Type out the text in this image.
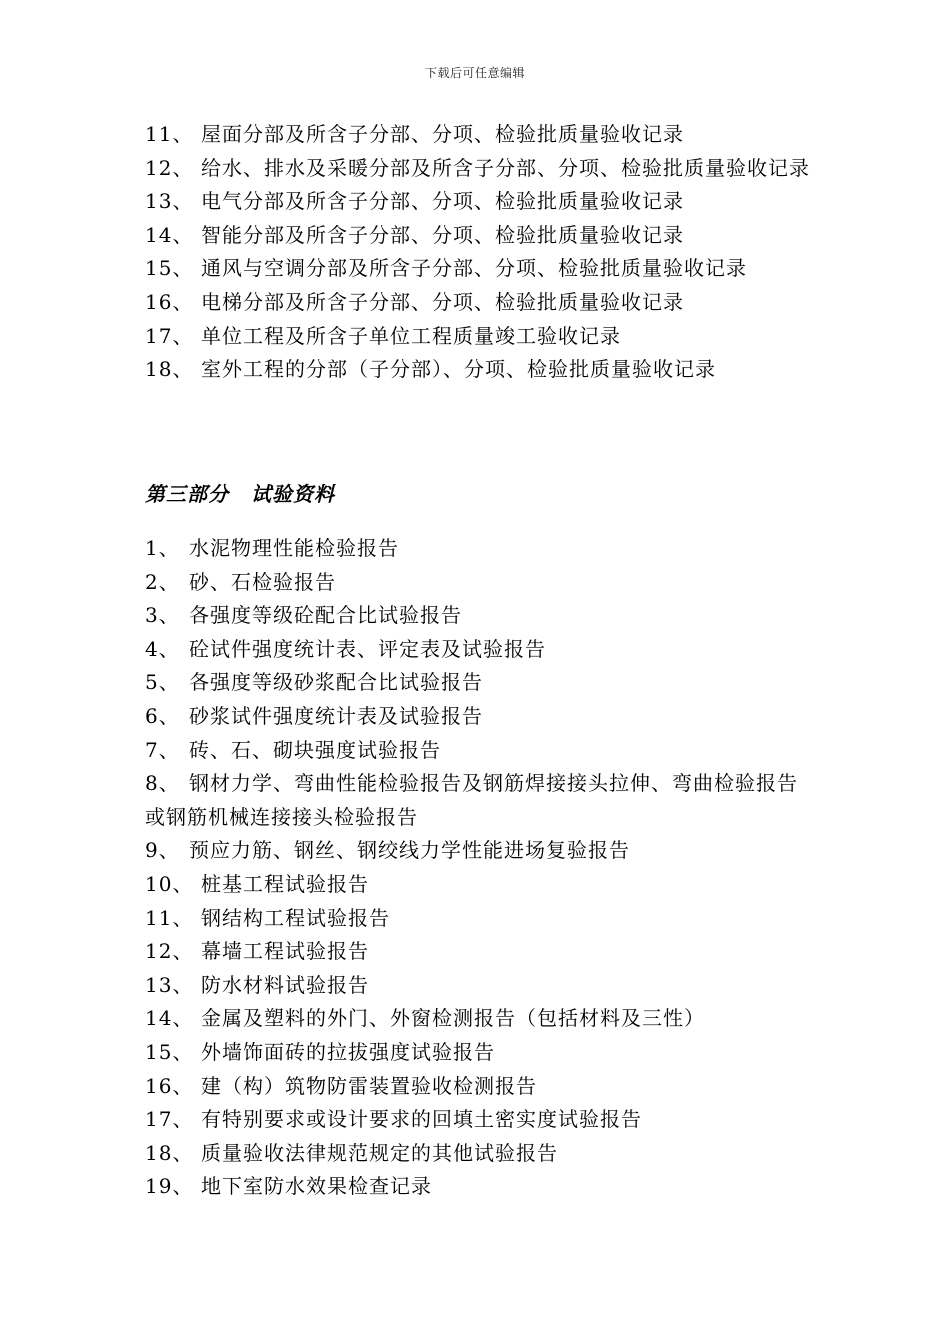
下载后可任意编辑
11、 屋面分部及所含子分部、分项、检验批质量验收记录
12、 给水、排水及采暖分部及所含子分部、分项、检验批质量验收记录
13、 电气分部及所含子分部、分项、检验批质量验收记录
14、 智能分部及所含子分部、分项、检验批质量验收记录
15、 通风与空调分部及所含子分部、分项、检验批质量验收记录
16、 电梯分部及所含子分部、分项、检验批质量验收记录
17、 单位工程及所含子单位工程质量竣工验收记录
18、 室外工程的分部（子分部）、分项、检验批质量验收记录
第三部分 试验资料
1、 水泥物理性能检验报告
2、 砂、石检验报告
3、 各强度等级砼配合比试验报告
4、 砼试件强度统计表、评定表及试验报告
5、 各强度等级砂浆配合比试验报告
6、 砂浆试件强度统计表及试验报告
7、 砖、石、砌块强度试验报告
8、 钢材力学、弯曲性能检验报告及钢筋焊接接头拉伸、弯曲检验报告或钢筋机械连接接头检验报告
9、 预应力筋、钢丝、钢绞线力学性能进场复验报告
10、 桩基工程试验报告
11、 钢结构工程试验报告
12、 幕墙工程试验报告
13、 防水材料试验报告
14、 金属及塑料的外门、外窗检测报告（包括材料及三性）
15、 外墙饰面砖的拉拔强度试验报告
16、 建（构）筑物防雷装置验收检测报告
17、 有特别要求或设计要求的回填土密实度试验报告
18、 质量验收法律规范规定的其他试验报告
19、 地下室防水效果检查记录
